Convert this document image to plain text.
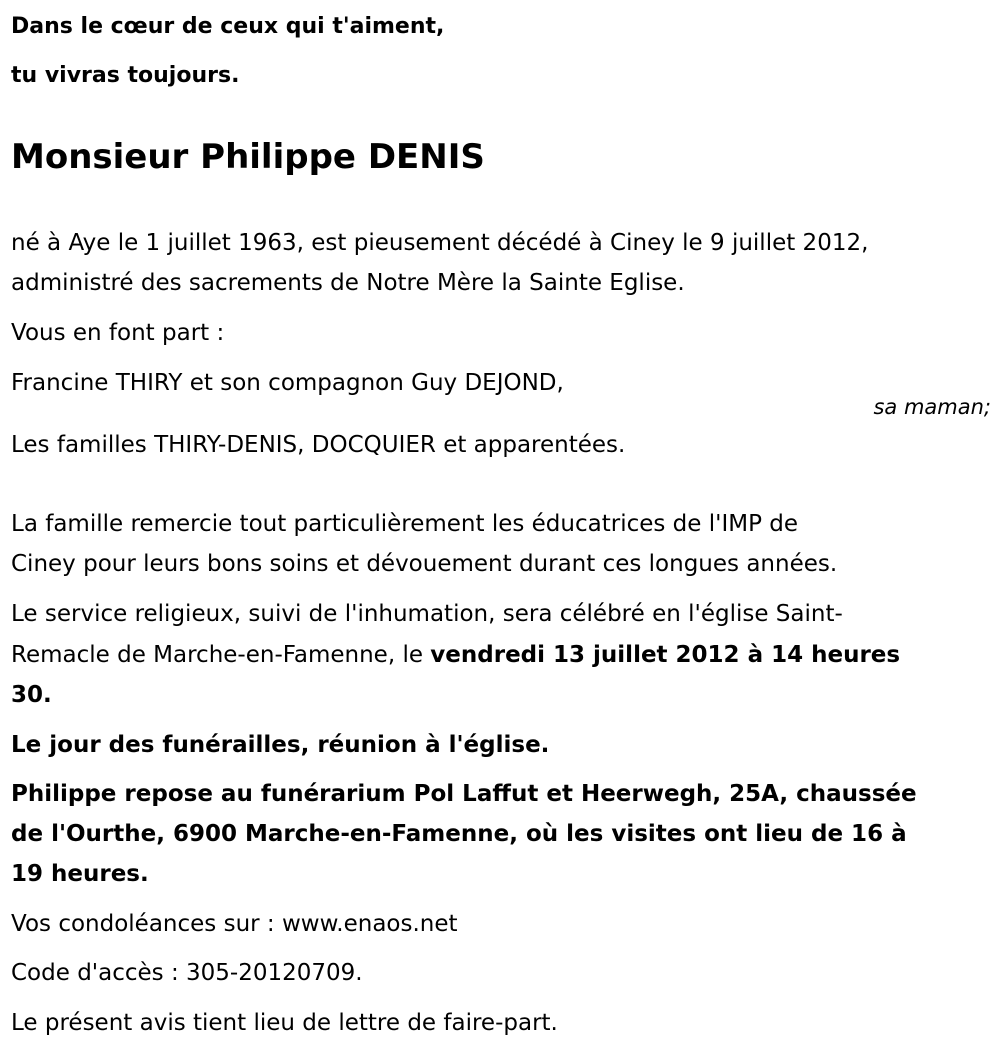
Dans le cœur de ceux qui t'aiment,
tu vivras toujours.
Monsieur Philippe DENIS
né à Aye le 1 juillet 1963, est pieusement décédé à Ciney le 9 juillet 2012,
administré des sacrements de Notre Mère la Sainte Eglise.
Vous en font part :
Francine THIRY et son compagnon Guy DEJOND,
sa maman;
Les familles THIRY-DENIS, DOCQUIER et apparentées.
La famille remercie tout particulièrement les éducatrices de l'IMP de
Ciney pour leurs bons soins et dévouement durant ces longues années.
Le service religieux, suivi de l'inhumation, sera célébré en l'église Saint-
Remacle de Marche-en-Famenne, le vendredi 13 juillet 2012 à 14 heures
30.
Le jour des funérailles, réunion à l'église.
Philippe repose au funérarium Pol Laffut et Heerwegh, 25A, chaussée
de l'Ourthe, 6900 Marche-en-Famenne, où les visites ont lieu de 16 à
19 heures.
Vos condoléances sur : www.enaos.net
Code d'accès : 305-20120709.
Le présent avis tient lieu de lettre de faire-part.
